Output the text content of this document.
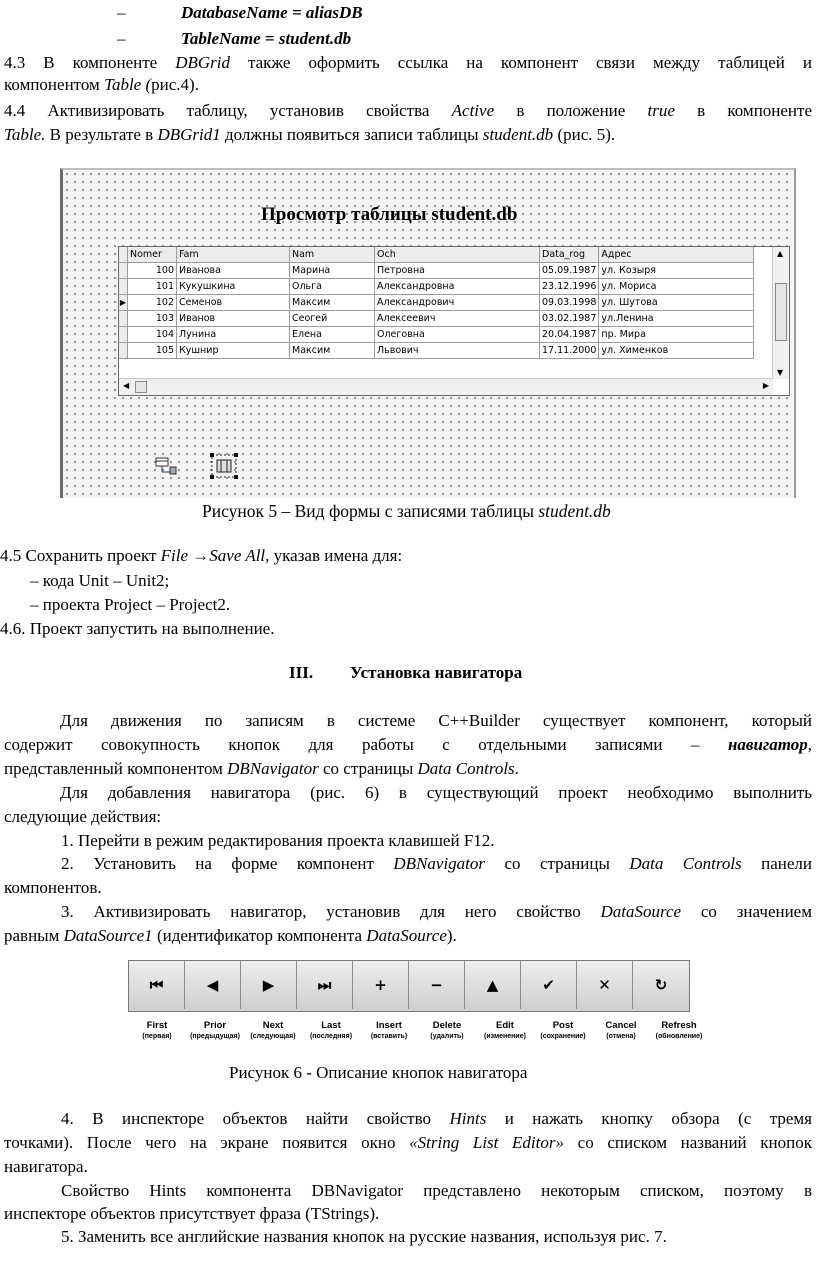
–	DatabaseName = aliasDB
–	TableName = student.db
4.3 В компоненте DBGrid также оформить ссылка на компонент связи между таблицей и
компонентом Table (рис.4).
4.4 Активизировать таблицу, установив свойства Active в положение true в компоненте
Table. В результате в DBGrid1 должны появиться записи таблицы student.db (рис. 5).
Просмотр таблицы student.db
	Nomer	Fam	Nam	Och	Data_rog	Адрес
	100	Иванова	Марина	Петровна	05.09.1987	ул. Козыря
	101	Кукушкина	Ольга	Александровна	23.12.1996	ул. Мориса
▶	102	Семенов	Максим	Александрович	09.03.1998	ул. Шутова
	103	Иванов	Сеогей	Алексеевич	03.02.1987	ул.Ленина
	104	Лунина	Елена	Олеговна	20.04.1987	пр. Мира
	105	Кушнир	Максим	Львович	17.11.2000	ул. Хименков
▲
▼
◀	▶
Рисунок 5 – Вид формы с записями таблицы student.db
4.5 Сохранить проект File →Save All, указав имена для:
– кода Unit – Unit2;
– проекта Project – Project2.
4.6. Проект запустить на выполнение.
III. Установка навигатора
Для движения по записям в системе C++Builder существует компонент, который
содержит совокупность кнопок для работы с отдельными записями – навигатор,
представленный компонентом DBNavigator со страницы Data Controls.
Для добавления навигатора (рис. 6) в существующий проект необходимо выполнить
следующие действия:
1. Перейти в режим редактирования проекта клавишей F12.
2. Установить на форме компонент DBNavigator со страницы Data Controls панели
компонентов.
3. Активизировать навигатор, установив для него свойство DataSource со значением
равным DataSource1 (идентификатор компонента DataSource).
⏮	◀	▶	⏭	+	−	▲	✔	✕	↻
First
(первая)
Prior
(предыдущая)
Next
(следующая)
Last
(последняя)
Insert
(вставить)
Delete
(удалить)
Edit
(изменение)
Post
(сохранение)
Cancel
(отмена)
Refresh
(обновление)
Рисунок 6 - Описание кнопок навигатора
4. В инспекторе объектов найти свойство Hints и нажать кнопку обзора (с тремя
точками). После чего на экране появится окно «String List Editor» со списком названий кнопок
навигатора.
Свойство Hints компонента DBNavigator представлено некоторым списком, поэтому в
инспекторе объектов присутствует фраза (TStrings).
5. Заменить все английские названия кнопок на русские названия, используя рис. 7.
